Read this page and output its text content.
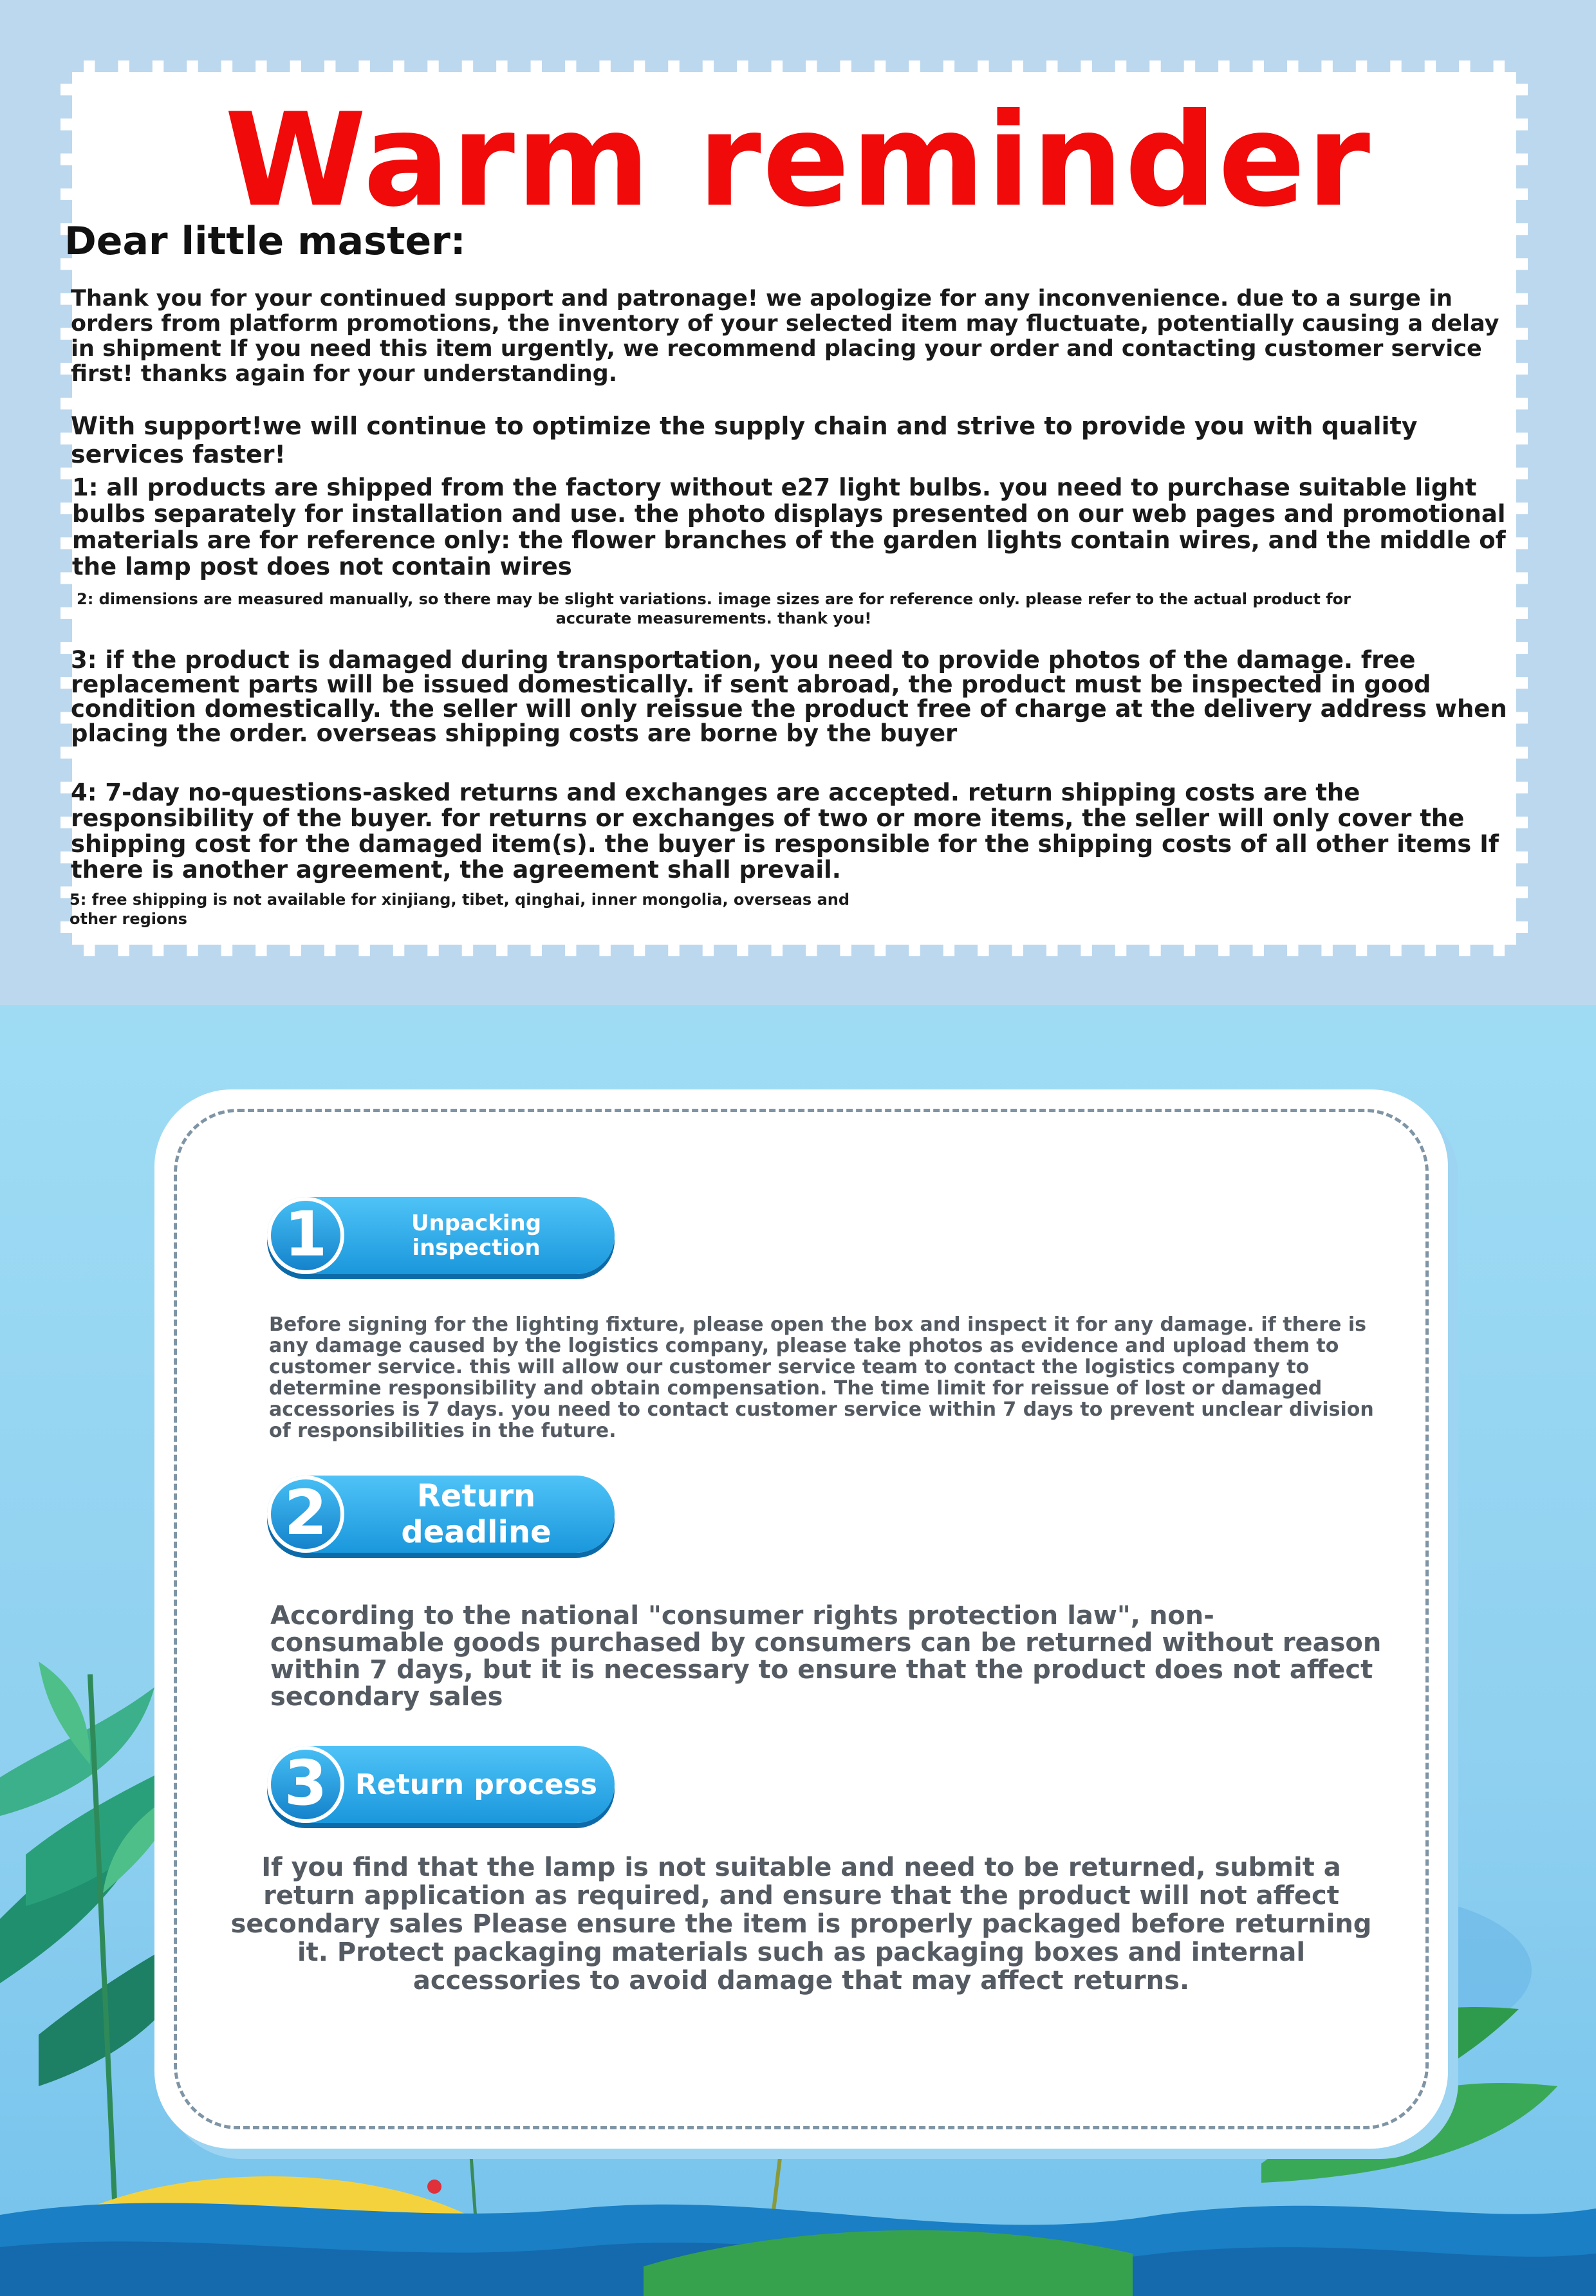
Warm reminder
Dear little master:

Thank you for your continued support and patronage! we apologize for any inconvenience. due to a surge in orders from platform promotions, the inventory of your selected item may fluctuate, potentially causing a delay in shipment If you need this item urgently, we recommend placing your order and contacting customer service first! thanks again for your understanding.

With support!we will continue to optimize the supply chain and strive to provide you with quality services faster!

1: all products are shipped from the factory without e27 light bulbs. you need to purchase suitable light bulbs separately for installation and use. the photo displays presented on our web pages and promotional materials are for reference only: the flower branches of the garden lights contain wires, and the middle of the lamp post does not contain wires

2: dimensions are measured manually, so there may be slight variations. image sizes are for reference only. please refer to the actual product for accurate measurements. thank you!

3: if the product is damaged during transportation, you need to provide photos of the damage. free replacement parts will be issued domestically. if sent abroad, the product must be inspected in good condition domestically. the seller will only reissue the product free of charge at the delivery address when placing the order. overseas shipping costs are borne by the buyer

4: 7-day no-questions-asked returns and exchanges are accepted. return shipping costs are the responsibility of the buyer. for returns or exchanges of two or more items, the seller will only cover the shipping cost for the damaged item(s). the buyer is responsible for the shipping costs of all other items If there is another agreement, the agreement shall prevail.

5: free shipping is not available for xinjiang, tibet, qinghai, inner mongolia, overseas and other regions

1	Unpacking inspection

Before signing for the lighting fixture, please open the box and inspect it for any damage. if there is any damage caused by the logistics company, please take photos as evidence and upload them to customer service. this will allow our customer service team to contact the logistics company to determine responsibility and obtain compensation. The time limit for reissue of lost or damaged accessories is 7 days. you need to contact customer service within 7 days to prevent unclear division of responsibilities in the future.

2	Return deadline

According to the national "consumer rights protection law", non-consumable goods purchased by consumers can be returned without reason within 7 days, but it is necessary to ensure that the product does not affect secondary sales

3 Return process

If you find that the lamp is not suitable and need to be returned, submit a return application as required, and ensure that the product will not affect secondary sales Please ensure the item is properly packaged before returning it. Protect packaging materials such as packaging boxes and internal accessories to avoid damage that may affect returns.
